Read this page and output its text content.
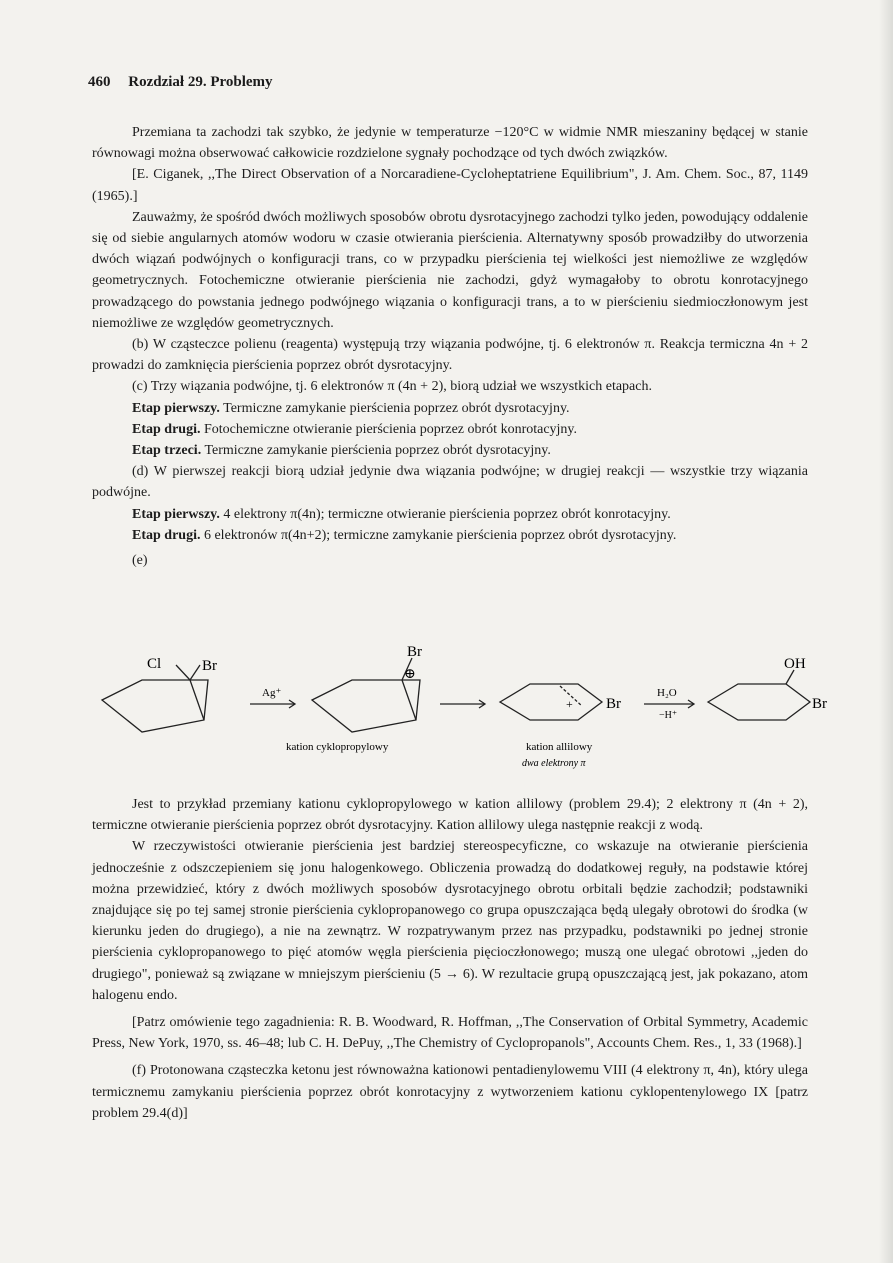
460 Rozdział 29. Problemy

Przemiana ta zachodzi tak szybko, że jedynie w temperaturze −120°C w widmie NMR mieszaniny będącej w stanie równowagi można obserwować całkowicie rozdzielone sygnały pochodzące od tych dwóch związków.

[E. Ciganek, ,,The Direct Observation of a Norcaradiene-Cycloheptatriene Equilibrium", J. Am. Chem. Soc., 87, 1149 (1965).]

Zauważmy, że spośród dwóch możliwych sposobów obrotu dysrotacyjnego zachodzi tylko jeden, powodujący oddalenie się od siebie angularnych atomów wodoru w czasie otwierania pierścienia. Alternatywny sposób prowadziłby do utworzenia dwóch wiązań podwójnych o konfiguracji trans, co w przypadku pierścienia tej wielkości jest niemożliwe ze względów geometrycznych. Fotochemiczne otwieranie pierścienia nie zachodzi, gdyż wymagałoby to obrotu konrotacyjnego prowadzącego do powstania jednego podwójnego wiązania o konfiguracji trans, a to w pierścieniu siedmioczłonowym jest niemożliwe ze względów geometrycznych.

(b) W cząsteczce polienu (reagenta) występują trzy wiązania podwójne, tj. 6 elektronów π. Reakcja termiczna 4n + 2 prowadzi do zamknięcia pierścienia poprzez obrót dysrotacyjny.

(c) Trzy wiązania podwójne, tj. 6 elektronów π (4n + 2), biorą udział we wszystkich etapach.

Etap pierwszy. Termiczne zamykanie pierścienia poprzez obrót dysrotacyjny.

Etap drugi. Fotochemiczne otwieranie pierścienia poprzez obrót konrotacyjny.

Etap trzeci. Termiczne zamykanie pierścienia poprzez obrót dysrotacyjny.

(d) W pierwszej reakcji biorą udział jedynie dwa wiązania podwójne; w drugiej reakcji — wszystkie trzy wiązania podwójne.

Etap pierwszy. 4 elektrony π(4n); termiczne otwieranie pierścienia poprzez obrót konrotacyjny.

Etap drugi. 6 elektronów π(4n+2); termiczne zamykanie pierścienia poprzez obrót dysrotacyjny.

(e)

Cl	Br
Ag⁺
Br
⊕
+ Br
H₂O
−H⁺
OH
Br
kation cyklopropylowy	kation allilowy
dwa elektrony π

Jest to przykład przemiany kationu cyklopropylowego w kation allilowy (problem 29.4); 2 elektrony π (4n + 2), termiczne otwieranie pierścienia poprzez obrót dysrotacyjny. Kation allilowy ulega następnie reakcji z wodą.

W rzeczywistości otwieranie pierścienia jest bardziej stereospecyficzne, co wskazuje na otwieranie pierścienia jednocześnie z odszczepieniem się jonu halogenkowego. Obliczenia prowadzą do dodatkowej reguły, na podstawie której można przewidzieć, który z dwóch możliwych sposobów dysrotacyjnego obrotu orbitali będzie zachodził; podstawniki znajdujące się po tej samej stronie pierścienia cyklopropanowego co grupa opuszczająca będą ulegały obrotowi do środka (w kierunku jeden do drugiego), a nie na zewnątrz. W rozpatrywanym przez nas przypadku, podstawniki po jednej stronie pierścienia cyklopropanowego to pięć atomów węgla pierścienia pięcioczłonowego; muszą one ulegać obrotowi ,,jeden do drugiego", ponieważ są związane w mniejszym pierścieniu (5 → 6). W rezultacie grupą opuszczającą jest, jak pokazano, atom halogenu endo.

[Patrz omówienie tego zagadnienia: R. B. Woodward, R. Hoffman, ,,The Conservation of Orbital Symmetry, Academic Press, New York, 1970, ss. 46–48; lub C. H. DePuy, ,,The Chemistry of Cyclopropanols", Accounts Chem. Res., 1, 33 (1968).]

(f) Protonowana cząsteczka ketonu jest równoważna kationowi pentadienylowemu VIII (4 elektrony π, 4n), który ulega termicznemu zamykaniu pierścienia poprzez obrót konrotacyjny z wytworzeniem kationu cyklopentenylowego IX [patrz problem 29.4(d)]
